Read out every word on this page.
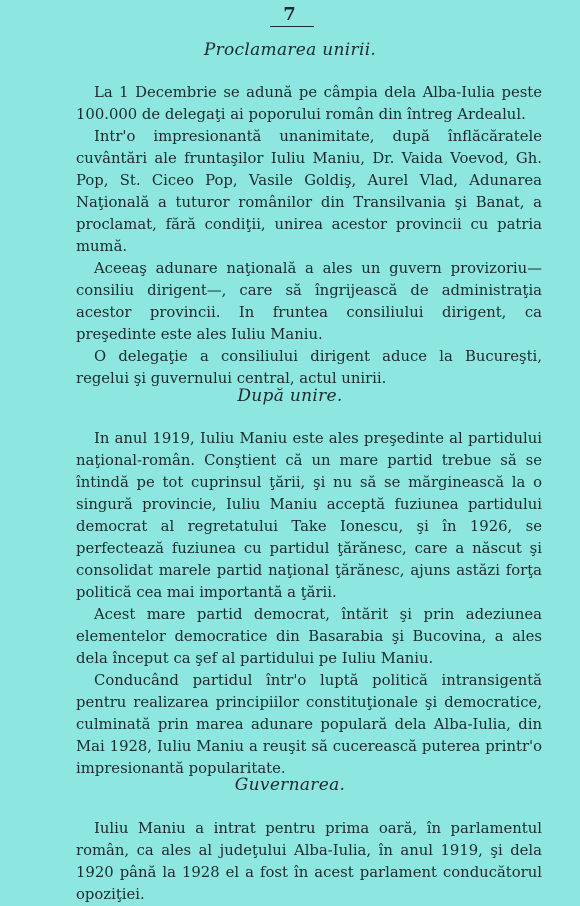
7
Proclamarea unirii.

La 1 Decembrie se adună pe câmpia dela Alba-Iulia peste 100.000 de delegaţi ai poporului român din întreg Ardealul.

Intr'o impresionantă unanimitate, după înflăcăratele cuvântări ale fruntaşilor Iuliu Maniu, Dr. Vaida Voevod, Gh. Pop, St. Ciceo Pop, Vasile Goldiş, Aurel Vlad, Adunarea Naţională a tuturor românilor din Transilvania şi Banat, a proclamat, fără condiţii, unirea acestor provincii cu patria mumă.

Aceeaş adunare naţională a ales un guvern provizoriu—consiliu dirigent—, care să îngrijească de administraţia acestor provincii. In fruntea consiliului dirigent, ca preşedinte este ales Iuliu Maniu.

O delegaţie a consiliului dirigent aduce la Bucureşti, regelui şi guvernului central, actul unirii.

După unire.

In anul 1919, Iuliu Maniu este ales preşedinte al partidului naţional-român. Conştient că un mare partid trebue să se întindă pe tot cuprinsul ţării, şi nu să se mărginească la o singură provincie, Iuliu Maniu acceptă fuziunea partidului democrat al regretatului Take Ionescu, şi în 1926, se perfectează fuziunea cu partidul ţărănesc, care a născut şi consolidat marele partid naţional ţărănesc, ajuns astăzi forţa politică cea mai importantă a ţării.

Acest mare partid democrat, întărit şi prin adeziunea elementelor democratice din Basarabia şi Bucovina, a ales dela început ca şef al partidului pe Iuliu Maniu.

Conducând partidul într'o luptă politică intransigentă pentru realizarea principiilor constituţionale şi democratice, culminată prin marea adunare populară dela Alba-Iulia, din Mai 1928, Iuliu Maniu a reuşit să cucerească puterea printr'o impresionantă popularitate.

Guvernarea.

Iuliu Maniu a intrat pentru prima oară, în parlamentul român, ca ales al judeţului Alba-Iulia, în anul 1919, şi dela 1920 până la 1928 el a fost în acest parlament conducătorul opoziţiei.
